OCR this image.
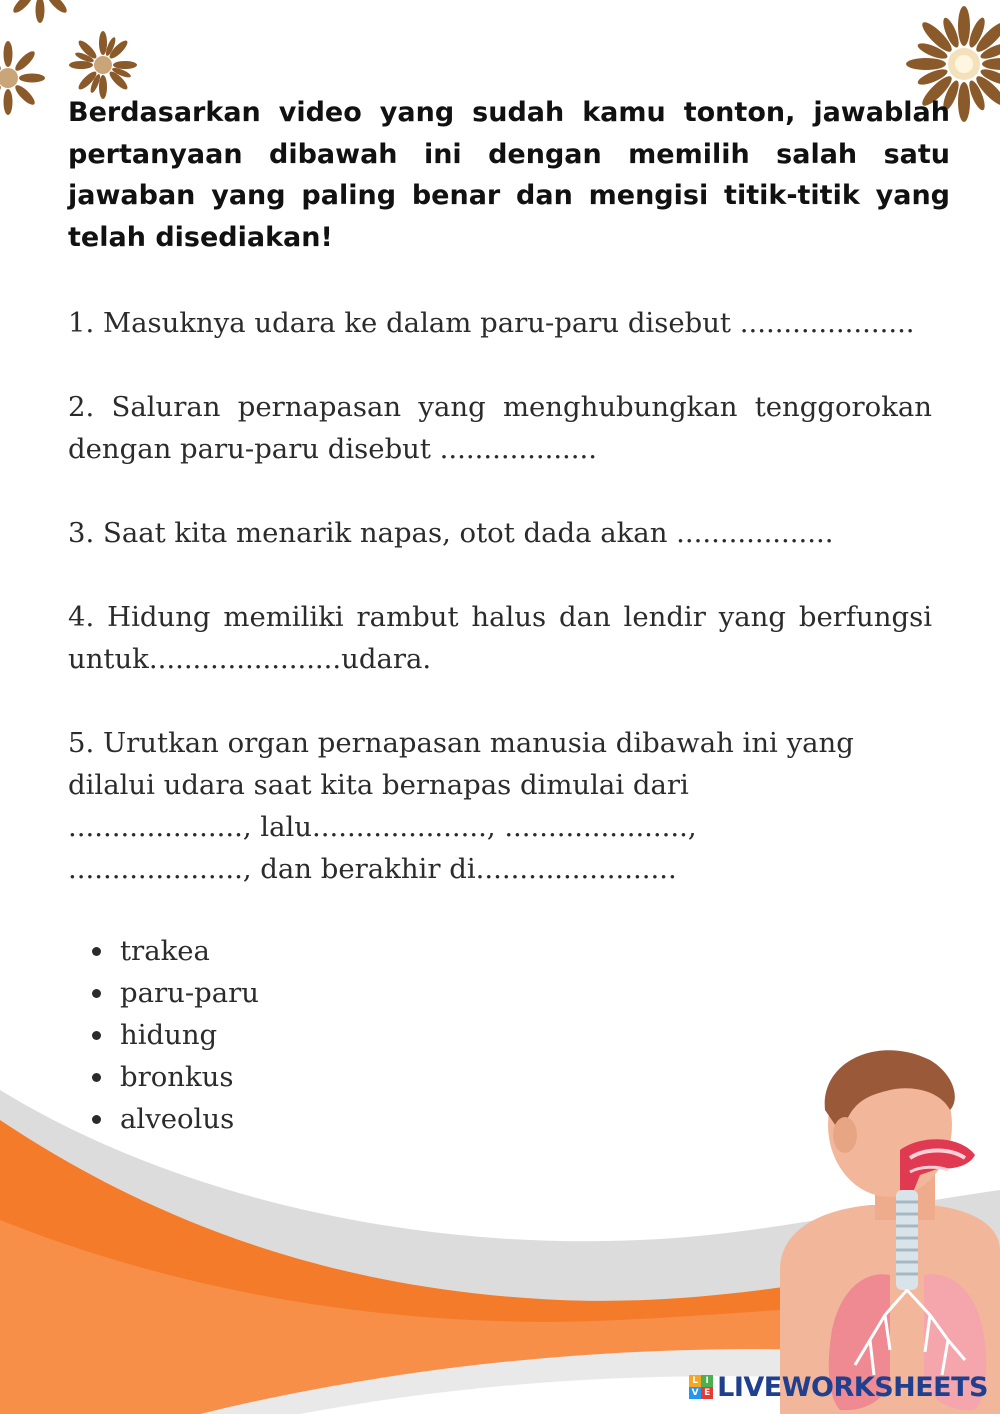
Berdasarkan video yang sudah kamu tonton, jawablah pertanyaan dibawah ini dengan memilih salah satu jawaban yang paling benar dan mengisi titik-titik yang telah disediakan!

1. Masuknya udara ke dalam paru-paru disebut ....................

2. Saluran pernapasan yang menghubungkan tenggorokan dengan paru-paru disebut ..................

3. Saat kita menarik napas, otot dada akan ..................

4. Hidung memiliki rambut halus dan lendir yang berfungsi untuk......................udara.

5. Urutkan organ pernapasan manusia dibawah ini yang dilalui udara saat kita bernapas dimulai dari ...................., lalu...................., ....................., ...................., dan berakhir di.......................

trakea
paru-paru
hidung
bronkus
alveolus
L I
V E LIVEWORKSHEETS
